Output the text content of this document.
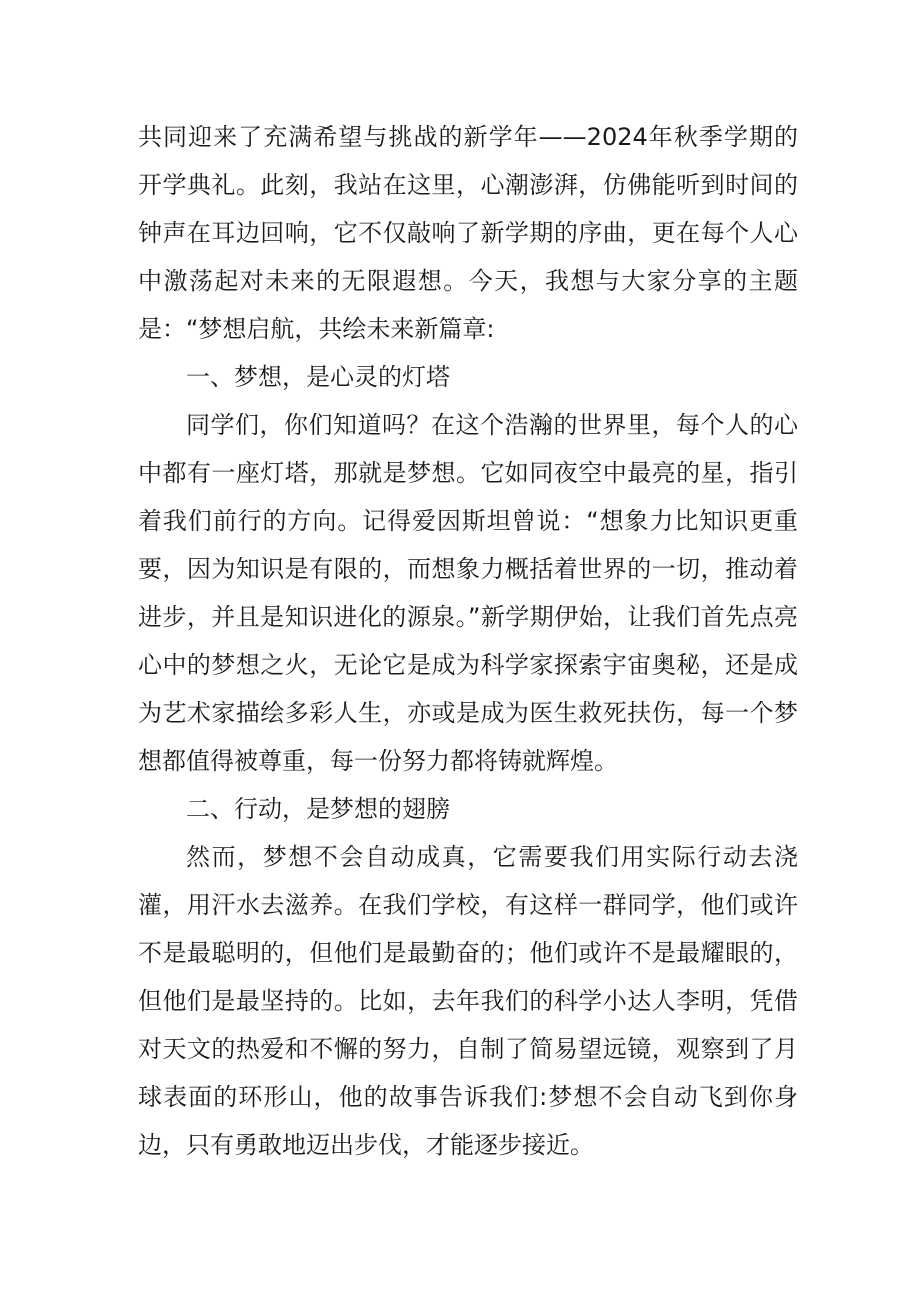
共同迎来了充满希望与挑战的新学年——2024年秋季学期的开学典礼。此刻，我站在这里，心潮澎湃，仿佛能听到时间的钟声在耳边回响，它不仅敲响了新学期的序曲，更在每个人心中激荡起对未来的无限遐想。今天，我想与大家分享的主题是：“梦想启航，共绘未来新篇章:

一、梦想，是心灵的灯塔

同学们，你们知道吗？在这个浩瀚的世界里，每个人的心中都有一座灯塔，那就是梦想。它如同夜空中最亮的星，指引着我们前行的方向。记得爱因斯坦曾说：“想象力比知识更重要，因为知识是有限的，而想象力概括着世界的一切，推动着进步，并且是知识进化的源泉。”新学期伊始，让我们首先点亮心中的梦想之火，无论它是成为科学家探索宇宙奥秘，还是成为艺术家描绘多彩人生，亦或是成为医生救死扶伤，每一个梦想都值得被尊重，每一份努力都将铸就辉煌。

二、行动，是梦想的翅膀

然而，梦想不会自动成真，它需要我们用实际行动去浇灌，用汗水去滋养。在我们学校，有这样一群同学，他们或许不是最聪明的，但他们是最勤奋的；他们或许不是最耀眼的，但他们是最坚持的。比如，去年我们的科学小达人李明，凭借对天文的热爱和不懈的努力，自制了简易望远镜，观察到了月球表面的环形山，他的故事告诉我们:梦想不会自动飞到你身边，只有勇敢地迈出步伐，才能逐步接近。
